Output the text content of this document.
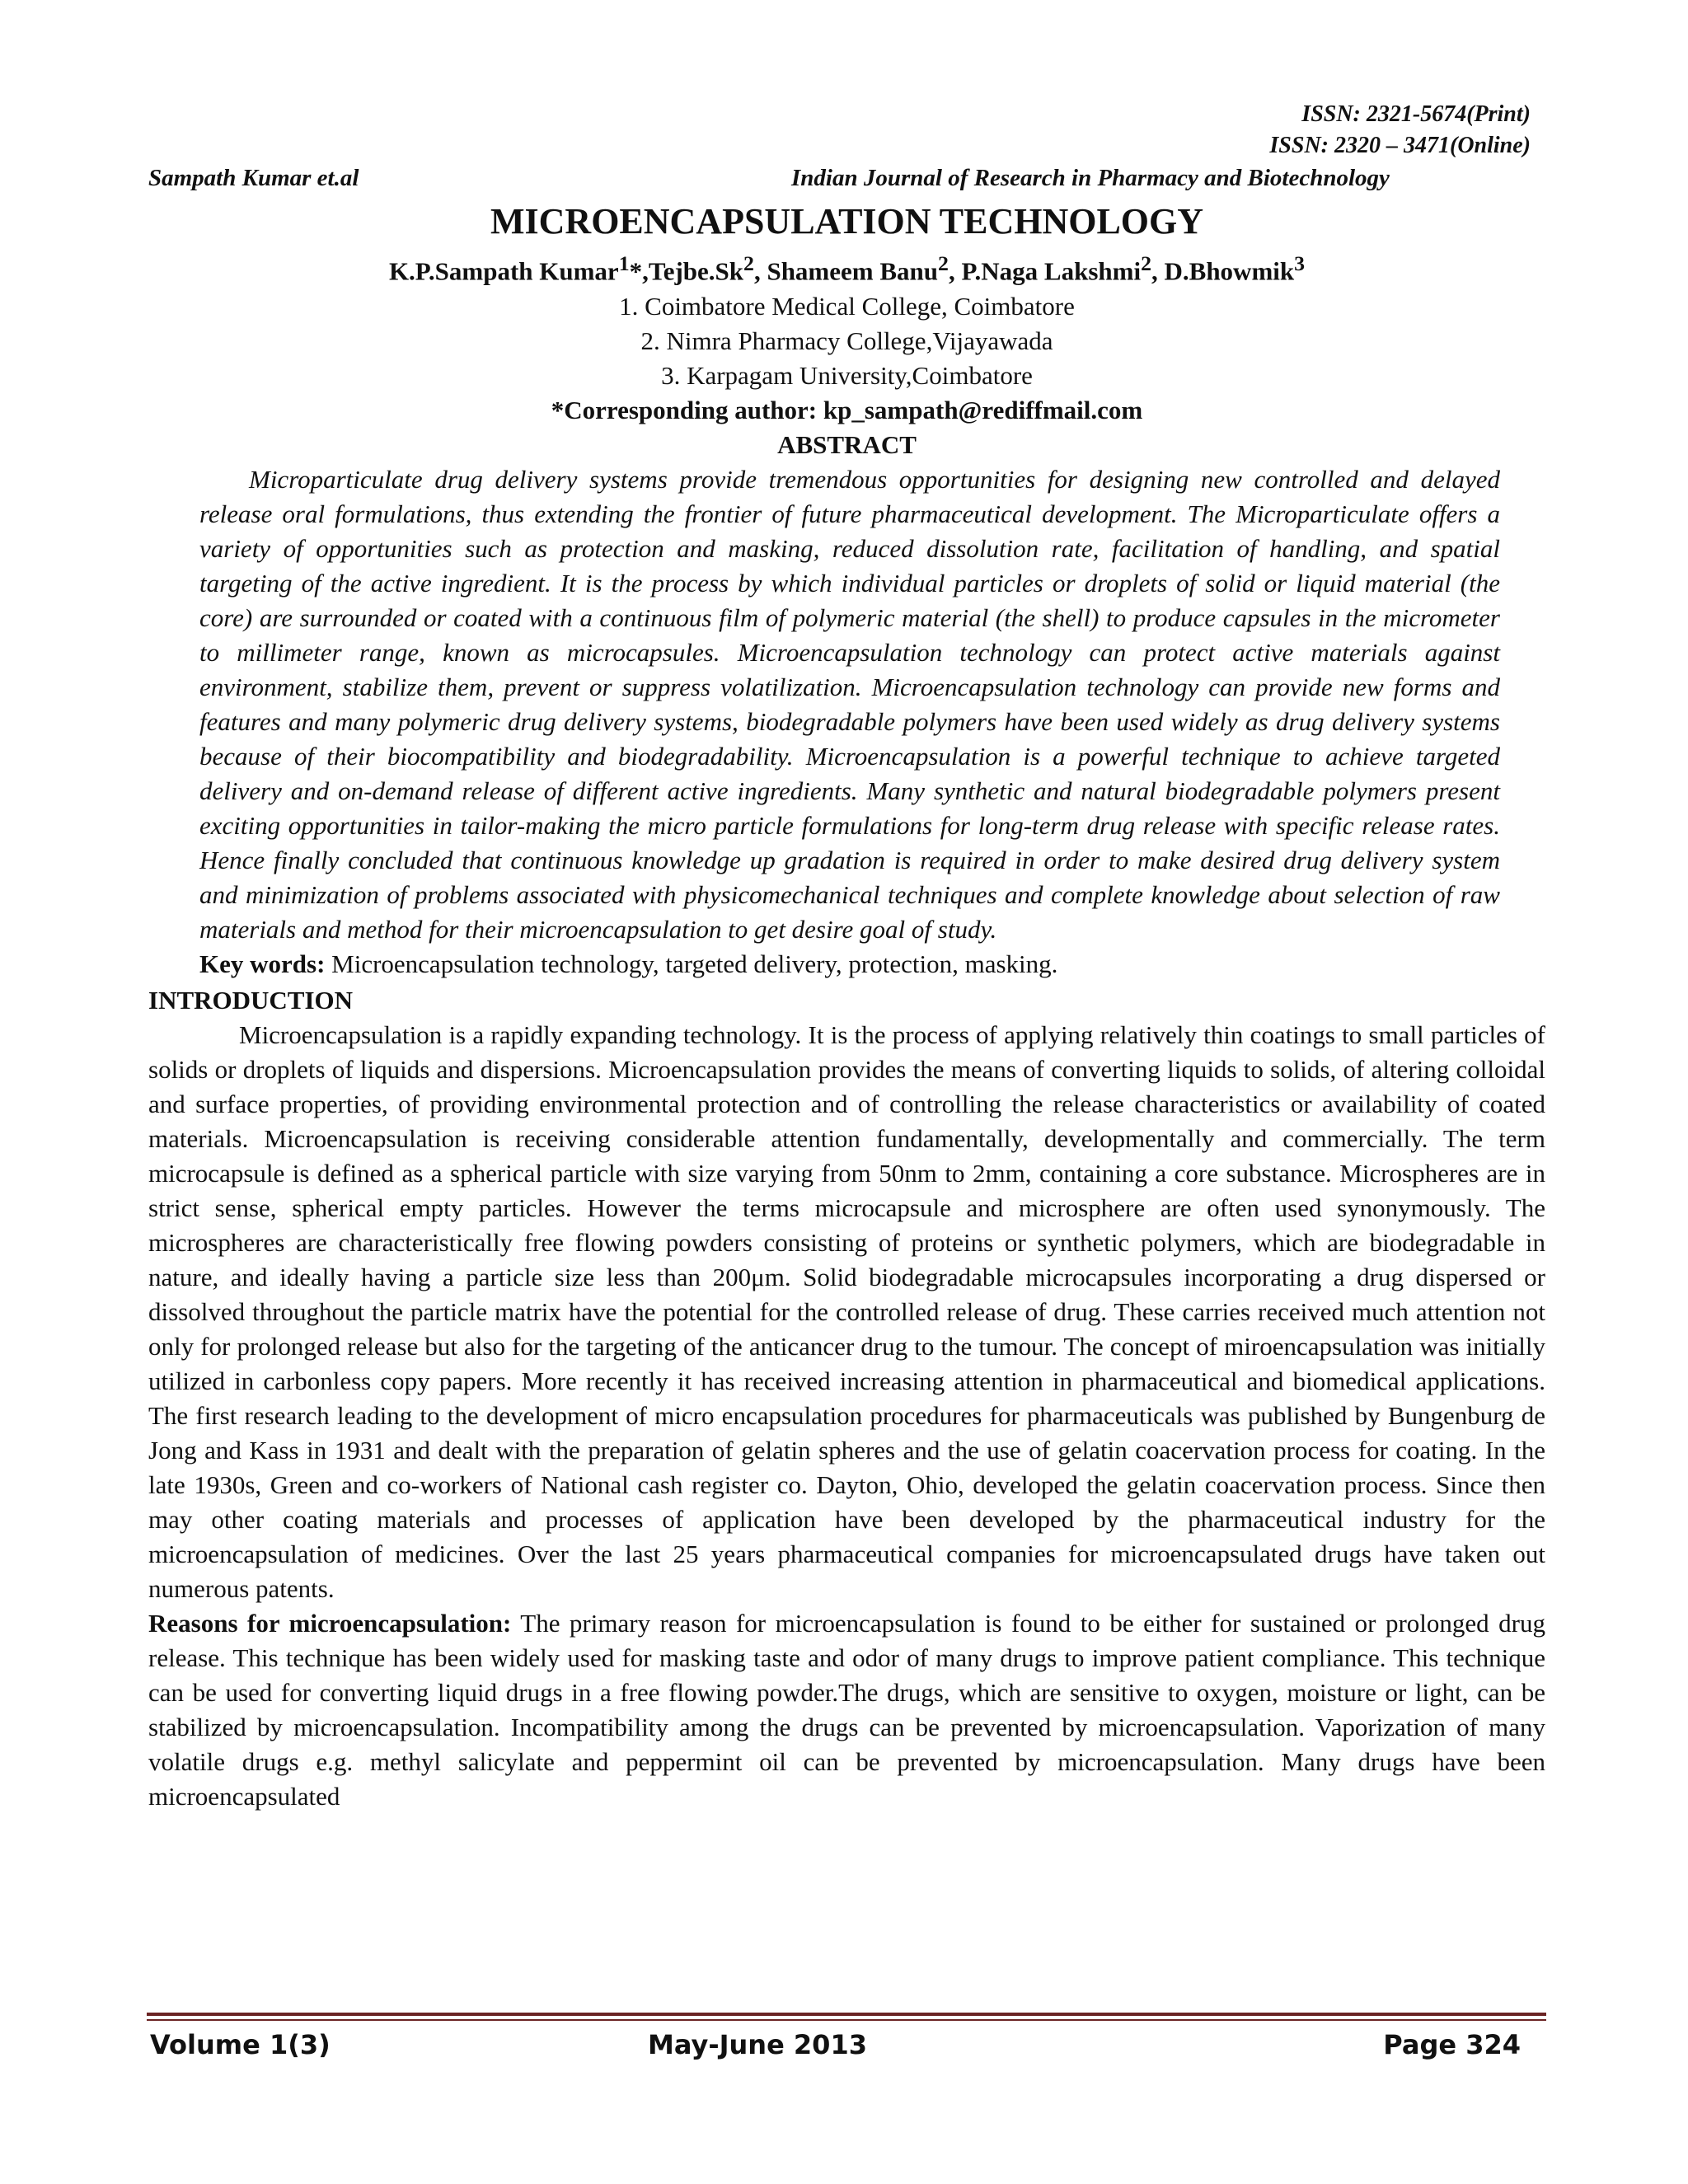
ISSN: 2321-5674(Print)
ISSN: 2320 – 3471(Online)
Sampath Kumar et.al	Indian Journal of Research in Pharmacy and Biotechnology
MICROENCAPSULATION TECHNOLOGY
K.P.Sampath Kumar$^1$*,Tejbe.Sk$^2$, Shameem Banu$^2$, P.Naga Lakshmi$^2$, D.Bhowmik$^3$
1. Coimbatore Medical College, Coimbatore
2. Nimra Pharmacy College,Vijayawada
3. Karpagam University,Coimbatore
*Corresponding author: kp_sampath@rediffmail.com
ABSTRACT
Microparticulate drug delivery systems provide tremendous opportunities for designing new controlled and delayed release oral formulations, thus extending the frontier of future pharmaceutical development. The Microparticulate offers a variety of opportunities such as protection and masking, reduced dissolution rate, facilitation of handling, and spatial targeting of the active ingredient. It is the process by which individual particles or droplets of solid or liquid material (the core) are surrounded or coated with a continuous film of polymeric material (the shell) to produce capsules in the micrometer to millimeter range, known as microcapsules. Microencapsulation technology can protect active materials against environment, stabilize them, prevent or suppress volatilization. Microencapsulation technology can provide new forms and features and many polymeric drug delivery systems, biodegradable polymers have been used widely as drug delivery systems because of their biocompatibility and biodegradability. Microencapsulation is a powerful technique to achieve targeted delivery and on-demand release of different active ingredients. Many synthetic and natural biodegradable polymers present exciting opportunities in tailor-making the micro particle formulations for long-term drug release with specific release rates. Hence finally concluded that continuous knowledge up gradation is required in order to make desired drug delivery system and minimization of problems associated with physicomechanical techniques and complete knowledge about selection of raw materials and method for their microencapsulation to get desire goal of study.
Key words: Microencapsulation technology, targeted delivery, protection, masking.
INTRODUCTION
Microencapsulation is a rapidly expanding technology. It is the process of applying relatively thin coatings to small particles of solids or droplets of liquids and dispersions. Microencapsulation provides the means of converting liquids to solids, of altering colloidal and surface properties, of providing environmental protection and of controlling the release characteristics or availability of coated materials. Microencapsulation is receiving considerable attention fundamentally, developmentally and commercially. The term microcapsule is defined as a spherical particle with size varying from 50nm to 2mm, containing a core substance. Microspheres are in strict sense, spherical empty particles. However the terms microcapsule and microsphere are often used synonymously. The microspheres are characteristically free flowing powders consisting of proteins or synthetic polymers, which are biodegradable in nature, and ideally having a particle size less than 200μm. Solid biodegradable microcapsules incorporating a drug dispersed or dissolved throughout the particle matrix have the potential for the controlled release of drug. These carries received much attention not only for prolonged release but also for the targeting of the anticancer drug to the tumour. The concept of miroencapsulation was initially utilized in carbonless copy papers. More recently it has received increasing attention in pharmaceutical and biomedical applications. The first research leading to the development of micro encapsulation procedures for pharmaceuticals was published by Bungenburg de Jong and Kass in 1931 and dealt with the preparation of gelatin spheres and the use of gelatin coacervation process for coating. In the late 1930s, Green and co-workers of National cash register co. Dayton, Ohio, developed the gelatin coacervation process. Since then may other coating materials and processes of application have been developed by the pharmaceutical industry for the microencapsulation of medicines. Over the last 25 years pharmaceutical companies for microencapsulated drugs have taken out numerous patents.
Reasons for microencapsulation: The primary reason for microencapsulation is found to be either for sustained or prolonged drug release. This technique has been widely used for masking taste and odor of many drugs to improve patient compliance. This technique can be used for converting liquid drugs in a free flowing powder.The drugs, which are sensitive to oxygen, moisture or light, can be stabilized by microencapsulation. Incompatibility among the drugs can be prevented by microencapsulation. Vaporization of many volatile drugs e.g. methyl salicylate and peppermint oil can be prevented by microencapsulation. Many drugs have been microencapsulated
Volume 1(3)	May-June 2013	Page 324
